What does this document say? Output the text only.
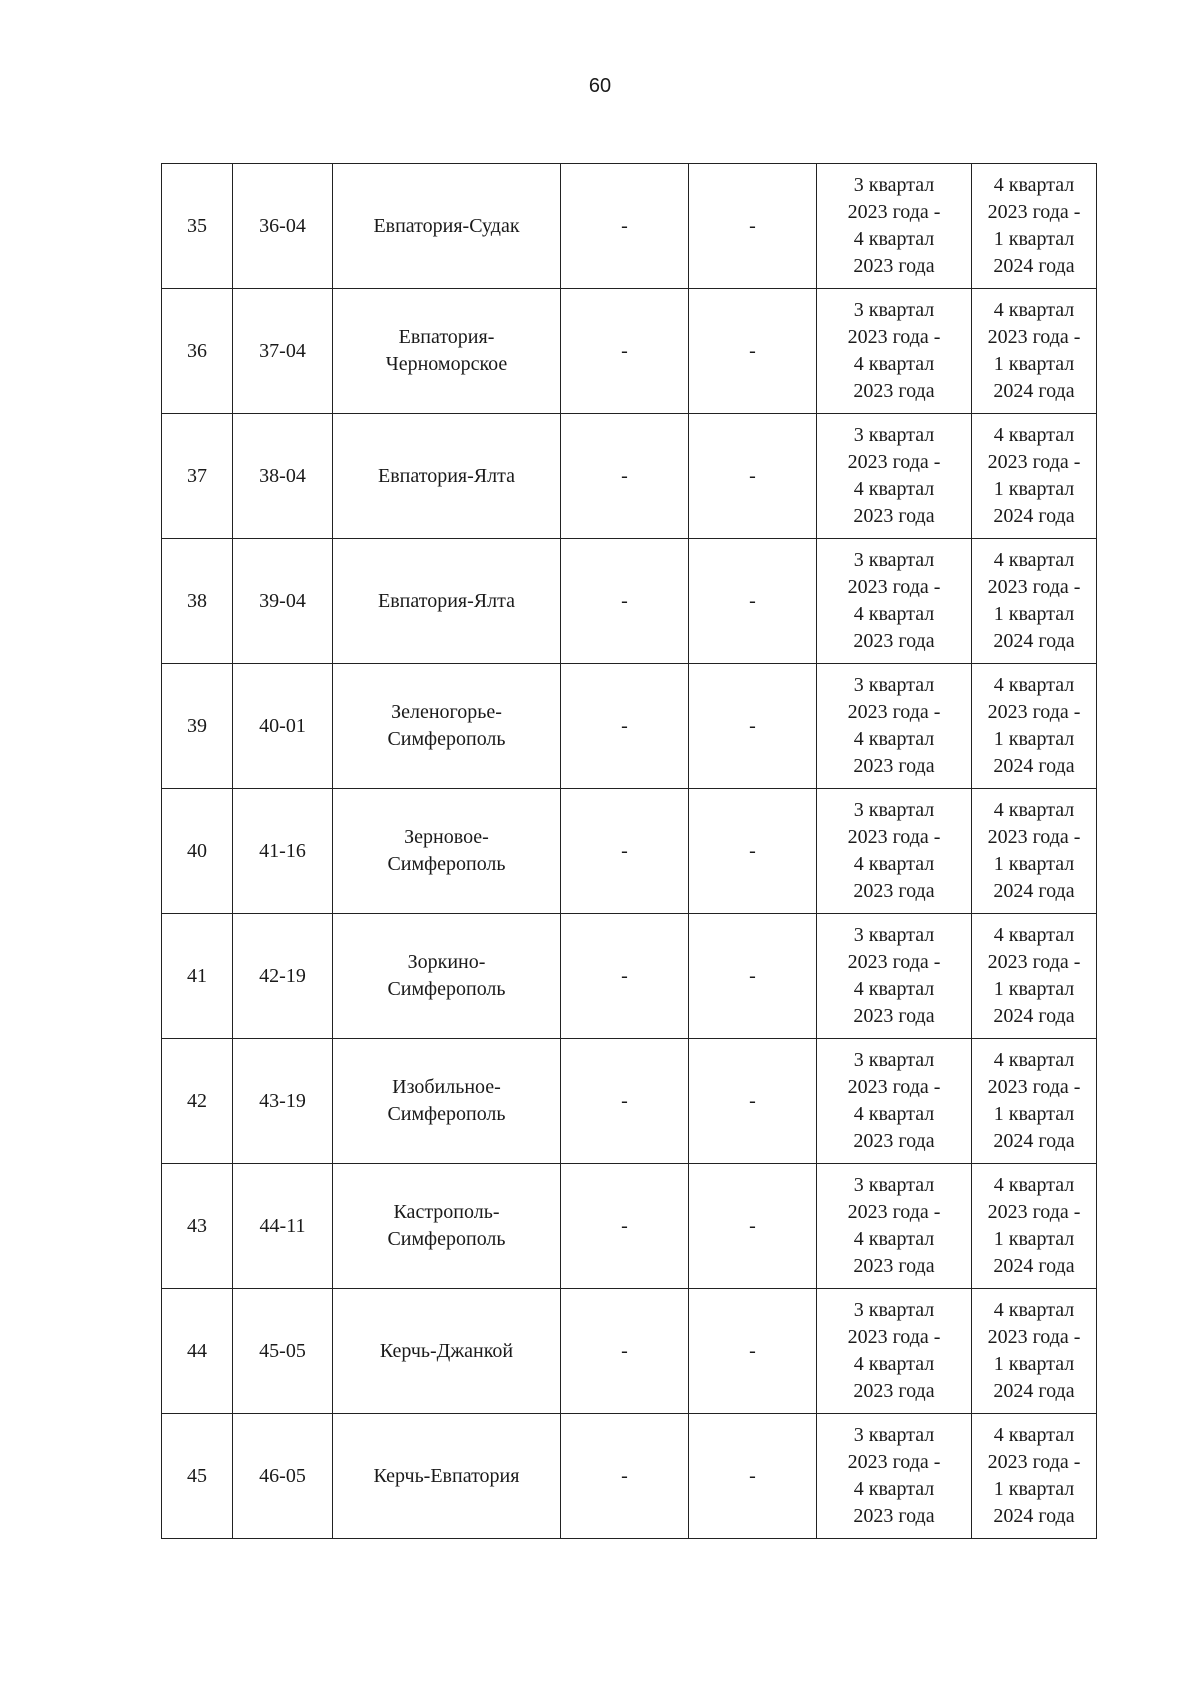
60
35	36-04	Евпатория-Судак	-	-	3 квартал
2023 года -
4 квартал
2023 года	4 квартал
2023 года -
1 квартал
2024 года
36	37-04	Евпатория-
Черноморское	-	-	3 квартал
2023 года -
4 квартал
2023 года	4 квартал
2023 года -
1 квартал
2024 года
37	38-04	Евпатория-Ялта	-	-	3 квартал
2023 года -
4 квартал
2023 года	4 квартал
2023 года -
1 квартал
2024 года
38	39-04	Евпатория-Ялта	-	-	3 квартал
2023 года -
4 квартал
2023 года	4 квартал
2023 года -
1 квартал
2024 года
39	40-01	Зеленогорье-
Симферополь	-	-	3 квартал
2023 года -
4 квартал
2023 года	4 квартал
2023 года -
1 квартал
2024 года
40	41-16	Зерновое-
Симферополь	-	-	3 квартал
2023 года -
4 квартал
2023 года	4 квартал
2023 года -
1 квартал
2024 года
41	42-19	Зоркино-
Симферополь	-	-	3 квартал
2023 года -
4 квартал
2023 года	4 квартал
2023 года -
1 квартал
2024 года
42	43-19	Изобильное-
Симферополь	-	-	3 квартал
2023 года -
4 квартал
2023 года	4 квартал
2023 года -
1 квартал
2024 года
43	44-11	Кастрополь-
Симферополь	-	-	3 квартал
2023 года -
4 квартал
2023 года	4 квартал
2023 года -
1 квартал
2024 года
44	45-05	Керчь-Джанкой	-	-	3 квартал
2023 года -
4 квартал
2023 года	4 квартал
2023 года -
1 квартал
2024 года
45	46-05	Керчь-Евпатория	-	-	3 квартал
2023 года -
4 квартал
2023 года	4 квартал
2023 года -
1 квартал
2024 года
